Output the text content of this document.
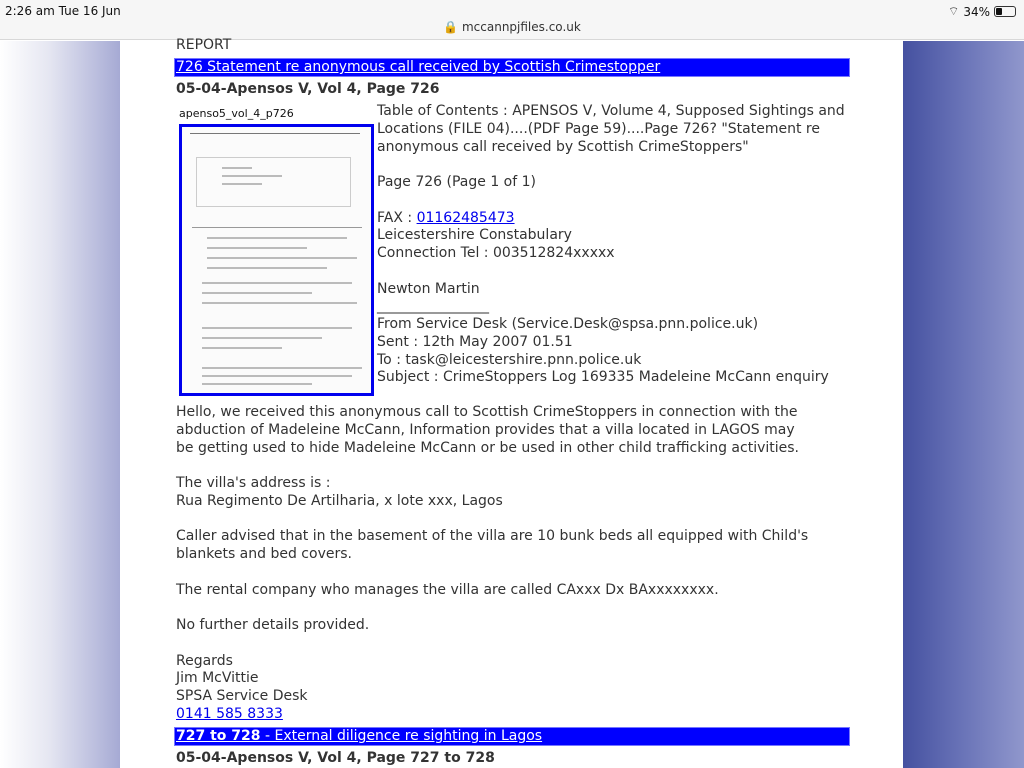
2:26 am Tue 16 Jun
🔒 mccannpjfiles.co.uk
⌔ 34%
REPORT
726 Statement re anonymous call received by Scottish Crimestopper
05-04-Apensos V, Vol 4, Page 726
apenso5_vol_4_p726	Table of Contents : APENSOS V, Volume 4, Supposed Sightings and Locations (FILE 04)....(PDF Page 59)....Page 726? "Statement re anonymous call received by Scottish CrimeStoppers"

Page 726 (Page 1 of 1)

FAX : 01162485473
Leicestershire Constabulary
Connection Tel : 003512824xxxxx

Newton Martin
________________
From Service Desk (Service.Desk@spsa.pnn.police.uk)
Sent : 12th May 2007 01.51
To : task@leicestershire.pnn.police.uk
Subject : CrimeStoppers Log 169335 Madeleine McCann enquiry
Hello, we received this anonymous call to Scottish CrimeStoppers in connection with the abduction of Madeleine McCann, Information provides that a villa located in LAGOS may be getting used to hide Madeleine McCann or be used in other child trafficking activities.

The villa's address is :
Rua Regimento De Artilharia, x lote xxx, Lagos

Caller advised that in the basement of the villa are 10 bunk beds all equipped with Child's blankets and bed covers.

The rental company who manages the villa are called CAxxx Dx BAxxxxxxxx.

No further details provided.

Regards
Jim McVittie
SPSA Service Desk
0141 585 8333
727 to 728 - External diligence re sighting in Lagos
05-04-Apensos V, Vol 4, Page 727 to 728
